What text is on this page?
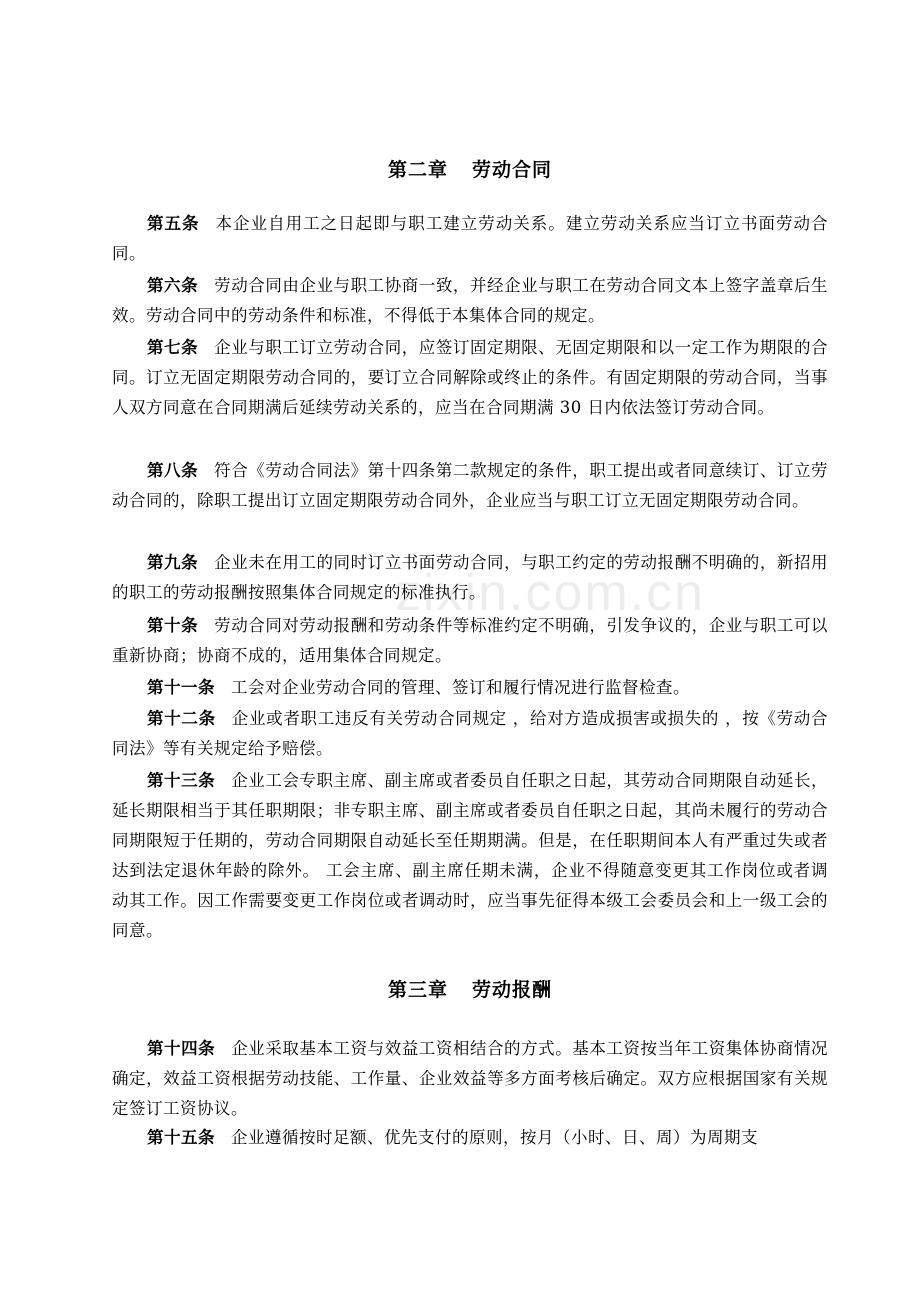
zixin.com.cn
第二章 劳动合同

第五条 本企业自用工之日起即与职工建立劳动关系。建立劳动关系应当订立书面劳动合同。

第六条 劳动合同由企业与职工协商一致，并经企业与职工在劳动合同文本上签字盖章后生效。劳动合同中的劳动条件和标准，不得低于本集体合同的规定。

第七条 企业与职工订立劳动合同，应签订固定期限、无固定期限和以一定工作为期限的合同。订立无固定期限劳动合同的，要订立合同解除或终止的条件。有固定期限的劳动合同，当事人双方同意在合同期满后延续劳动关系的，应当在合同期满 30 日内依法签订劳动合同。

第八条 符合《劳动合同法》第十四条第二款规定的条件，职工提出或者同意续订、订立劳动合同的，除职工提出订立固定期限劳动合同外，企业应当与职工订立无固定期限劳动合同。

第九条 企业未在用工的同时订立书面劳动合同，与职工约定的劳动报酬不明确的，新招用的职工的劳动报酬按照集体合同规定的标准执行。

第十条 劳动合同对劳动报酬和劳动条件等标准约定不明确，引发争议的，企业与职工可以重新协商；协商不成的，适用集体合同规定。

第十一条 工会对企业劳动合同的管理、签订和履行情况进行监督检查。

第十二条 企业或者职工违反有关劳动合同规定 ，给对方造成损害或损失的 ，按《劳动合同法》等有关规定给予赔偿。

第十三条 企业工会专职主席、副主席或者委员自任职之日起，其劳动合同期限自动延长，延长期限相当于其任职期限；非专职主席、副主席或者委员自任职之日起，其尚未履行的劳动合同期限短于任期的，劳动合同期限自动延长至任期期满。但是，在任职期间本人有严重过失或者达到法定退休年龄的除外。 工会主席、副主席任期未满，企业不得随意变更其工作岗位或者调动其工作。因工作需要变更工作岗位或者调动时，应当事先征得本级工会委员会和上一级工会的同意。

第三章 劳动报酬

第十四条 企业采取基本工资与效益工资相结合的方式。基本工资按当年工资集体协商情况确定，效益工资根据劳动技能、工作量、企业效益等多方面考核后确定。双方应根据国家有关规定签订工资协议。

第十五条 企业遵循按时足额、优先支付的原则，按月（小时、日、周）为周期支
